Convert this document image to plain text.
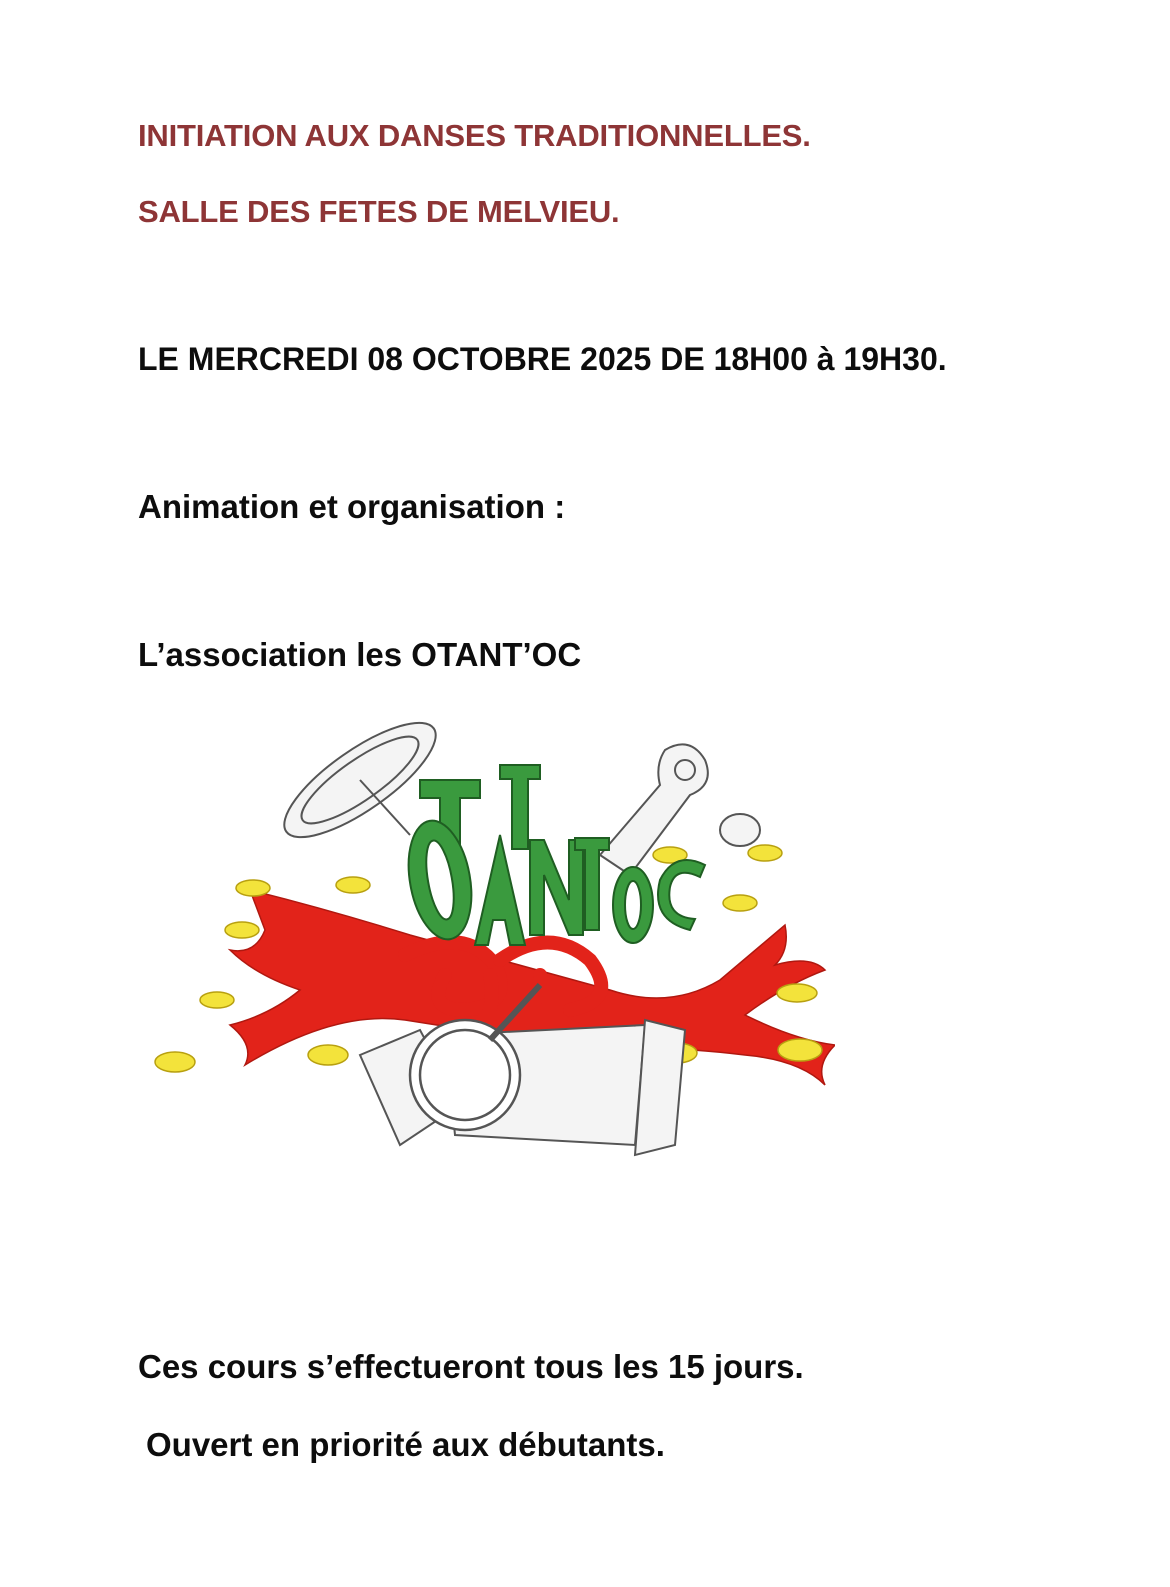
INITIATION AUX DANSES TRADITIONNELLES.

SALLE DES FETES DE MELVIEU.

LE MERCREDI 08 OCTOBRE 2025 DE 18H00 à 19H30.

Animation et organisation :

L’association les OTANT’OC

Ces cours s’effectueront tous les 15 jours.

Ouvert en priorité aux débutants.
